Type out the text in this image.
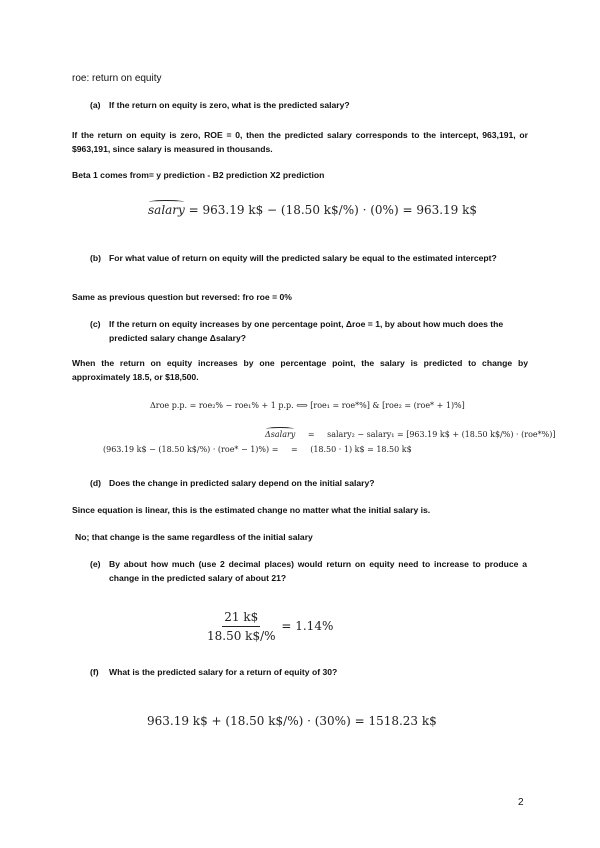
roe: return on equity
(a) If the return on equity is zero, what is the predicted salary?
If the return on equity is zero, ROE = 0, then the predicted salary corresponds to the intercept, 963,191, or $963,191, since salary is measured in thousands.
Beta 1 comes from= y prediction - B2 prediction X2 prediction
salary = 963.19 k$ − (18.50 k$/%) · (0%) = 963.19 k$
(b) For what value of return on equity will the predicted salary be equal to the estimated intercept?
Same as previous question but reversed: fro roe = 0%
(c) If the return on equity increases by one percentage point, Δroe = 1, by about how much does the predicted salary change Δsalary?
When the return on equity increases by one percentage point, the salary is predicted to change by approximately 18.5, or $18,500.
Δroe p.p. = roe₂% − roe₁% + 1 p.p. ⟺ [roe₁ = roe*%] & [roe₂ = (roe* + 1)%]
Δsalary = salary₂ − salary₁ = [963.19 k$ + (18.50 k$/%) · (roe*%)]
(963.19 k$ − (18.50 k$/%) · (roe* − 1)%) = = (18.50 · 1) k$ = 18.50 k$
(d) Does the change in predicted salary depend on the initial salary?
Since equation is linear, this is the estimated change no matter what the initial salary is.
No; that change is the same regardless of the initial salary
(e) By about how much (use 2 decimal places) would return on equity need to increase to produce a change in the predicted salary of about 21?
$\frac{21 k\$}{18.50 k\$/\%} = 1.14\%$
(f) What is the predicted salary for a return of equity of 30?
963.19 k$ + (18.50 k$/%) · (30%) = 1518.23 k$
2
